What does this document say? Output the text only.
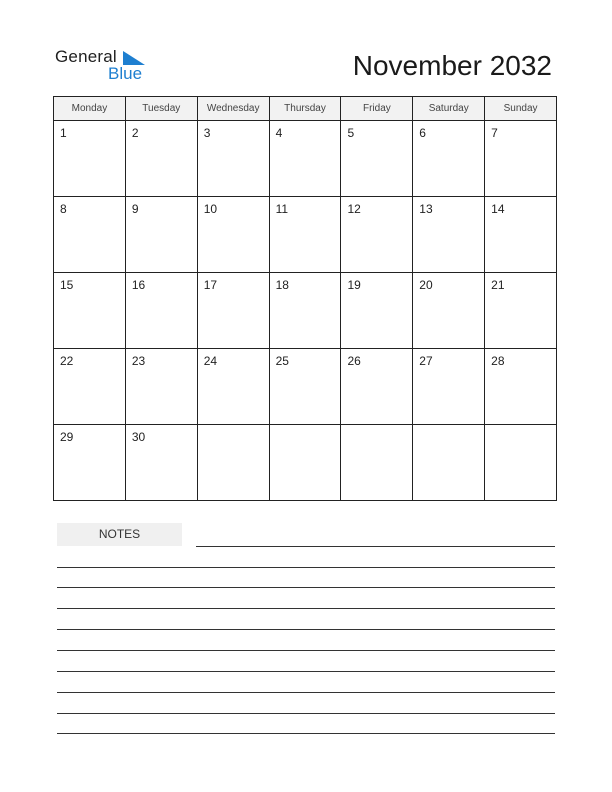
General
Blue	November 2032
Monday	Tuesday	Wednesday	Thursday	Friday	Saturday	Sunday
1	2	3	4	5	6	7
8	9	10	11	12	13	14
15	16	17	18	19	20	21
22	23	24	25	26	27	28
29	30
NOTES
